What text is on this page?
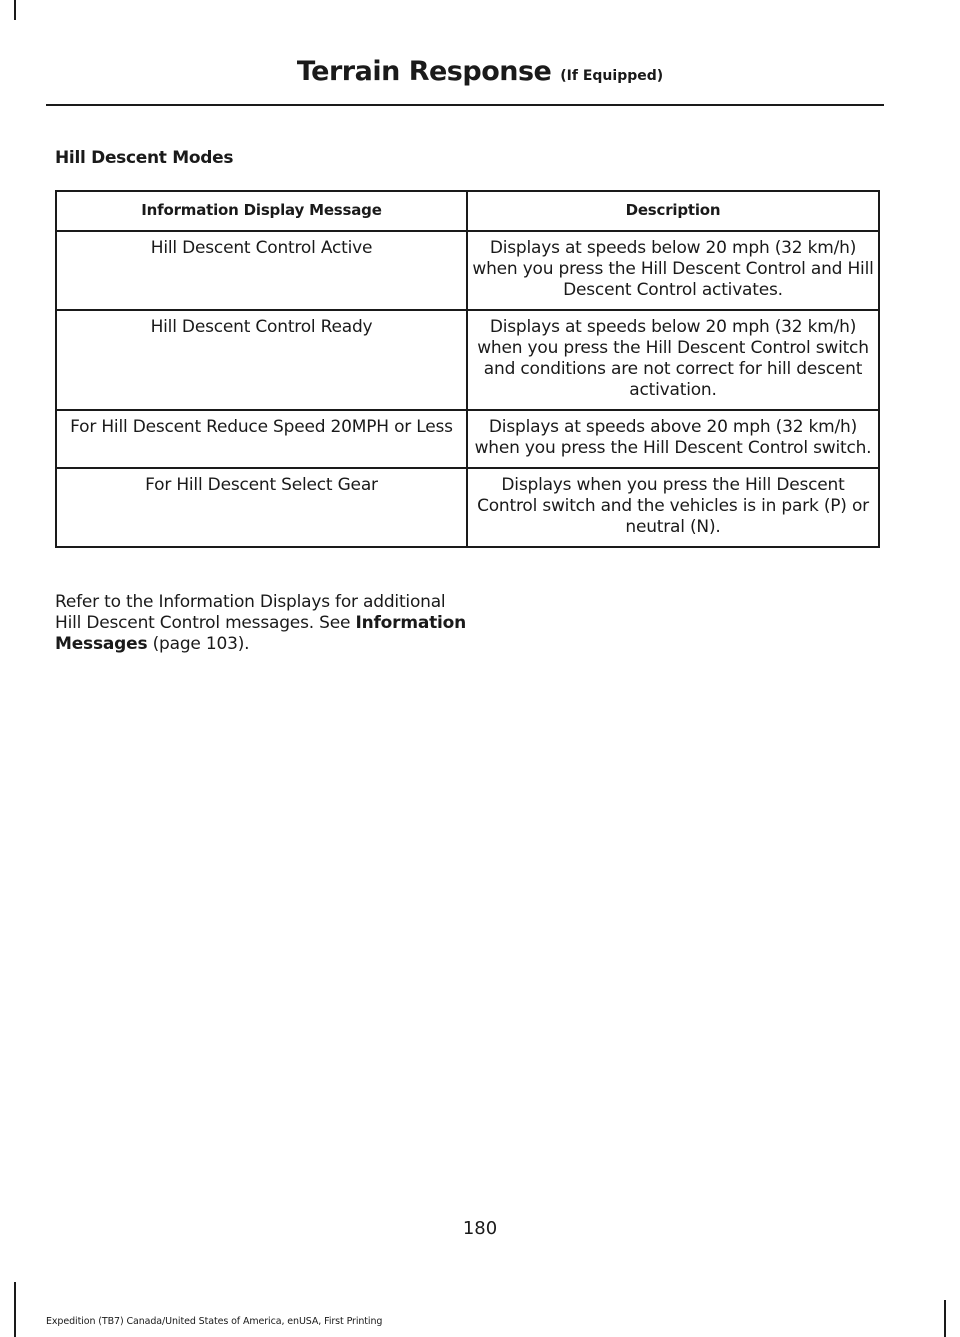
Terrain Response (If Equipped)
Hill Descent Modes
Information Display Message	Description
Hill Descent Control Active	Displays at speeds below 20 mph (32 km/h) when you press the Hill Descent Control and Hill Descent Control activates.
Hill Descent Control Ready	Displays at speeds below 20 mph (32 km/h) when you press the Hill Descent Control switch and conditions are not correct for hill descent activation.
For Hill Descent Reduce Speed 20MPH or Less	Displays at speeds above 20 mph (32 km/h) when you press the Hill Descent Control switch.
For Hill Descent Select Gear	Displays when you press the Hill Descent Control switch and the vehicles is in park (P) or neutral (N).

Refer to the Information Displays for additional Hill Descent Control messages. See Information Messages (page 103).

180
Expedition (TB7) Canada/United States of America, enUSA, First Printing
